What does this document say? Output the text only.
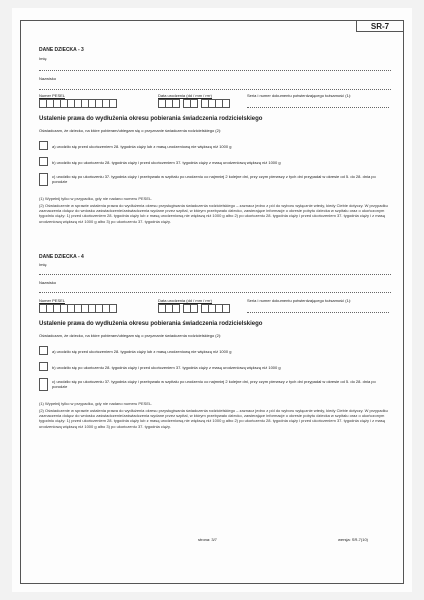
SR-7
DANE DZIECKA - 3
Imię
Nazwisko
Numer PESEL	Data urodzenia (dd / mm / rrrr)	Seria i numer dokumentu potwierdzającego tożsamość (1):
Ustalenie prawa do wydłużenia okresu pobierania świadczenia rodzicielskiego
Oświadczam, że dziecko, na które pobieram/ubiegam się o przyznanie świadczenia rodzicielskiego (2):
a) urodziło się przed ukończeniem 28. tygodnia ciąży lub z masą urodzeniową nie większą niż 1000 g
b) urodziło się po ukończeniu 28. tygodnia ciąży i przed ukończeniem 37. tygodnia ciąży z masą urodzeniową większą niż 1000 g
c) urodziło się po ukończeniu 37. tygodnia ciąży i przebywało w szpitalu po urodzeniu co najmniej 2 kolejne dni, przy czym pierwszy z tych dni przypadał w okresie od 5. do 28. dnia po porodzie
(1) Wypełnij tylko w przypadku, gdy nie nadano numeru PESEL.
(2) Oświadczenie w sprawie ustalenia prawa do wydłużenia okresu przysługiwania świadczenia rodzicielskiego – zaznacz jedno z pól do wyboru wyłącznie wtedy, kiedy Ciebie dotyczy. W przypadku zaznaczenia dołącz do wniosku zaświadczenie/zaświadczenia wydane przez szpital, w którym przebywało dziecko, zawierające informacje o okresie pobytu dziecka w szpitalu oraz o ukończonym tygodniu ciąży: 1) przed ukończeniem 28. tygodnia ciąży lub z masą urodzeniową nie większą niż 1000 g albo 2) po ukończeniu 28. tygodnia ciąży i przed ukończeniem 37. tygodnia ciąży i z masą urodzeniową większą niż 1000 g albo 3) po ukończeniu 37. tygodnia ciąży.
DANE DZIECKA - 4
Imię
Nazwisko
Numer PESEL	Data urodzenia (dd / mm / rrrr)	Seria i numer dokumentu potwierdzającego tożsamość (1):
Ustalenie prawa do wydłużenia okresu pobierania świadczenia rodzicielskiego
Oświadczam, że dziecko, na które pobieram/ubiegam się o przyznanie świadczenia rodzicielskiego (2):
a) urodziło się przed ukończeniem 28. tygodnia ciąży lub z masą urodzeniową nie większą niż 1000 g
b) urodziło się po ukończeniu 28. tygodnia ciąży i przed ukończeniem 37. tygodnia ciąży z masą urodzeniową większą niż 1000 g
c) urodziło się po ukończeniu 37. tygodnia ciąży i przebywało w szpitalu po urodzeniu co najmniej 2 kolejne dni, przy czym pierwszy z tych dni przypadał w okresie od 5. do 28. dnia po porodzie
(1) Wypełnij tylko w przypadku, gdy nie nadano numeru PESEL.
(2) Oświadczenie w sprawie ustalenia prawa do wydłużenia okresu przysługiwania świadczenia rodzicielskiego – zaznacz jedno z pól do wyboru wyłącznie wtedy, kiedy Ciebie dotyczy. W przypadku zaznaczenia dołącz do wniosku zaświadczenie/zaświadczenia wydane przez szpital, w którym przebywało dziecko, zawierające informacje o okresie pobytu dziecka w szpitalu oraz o ukończonym tygodniu ciąży: 1) przed ukończeniem 28. tygodnia ciąży lub z masą urodzeniową nie większą niż 1000 g albo 2) po ukończeniu 28. tygodnia ciąży i przed ukończeniem 37. tygodnia ciąży i z masą urodzeniową większą niż 1000 g albo 3) po ukończeniu 37. tygodnia ciąży.
strona: 3/7	wersja: SR-7(10)
